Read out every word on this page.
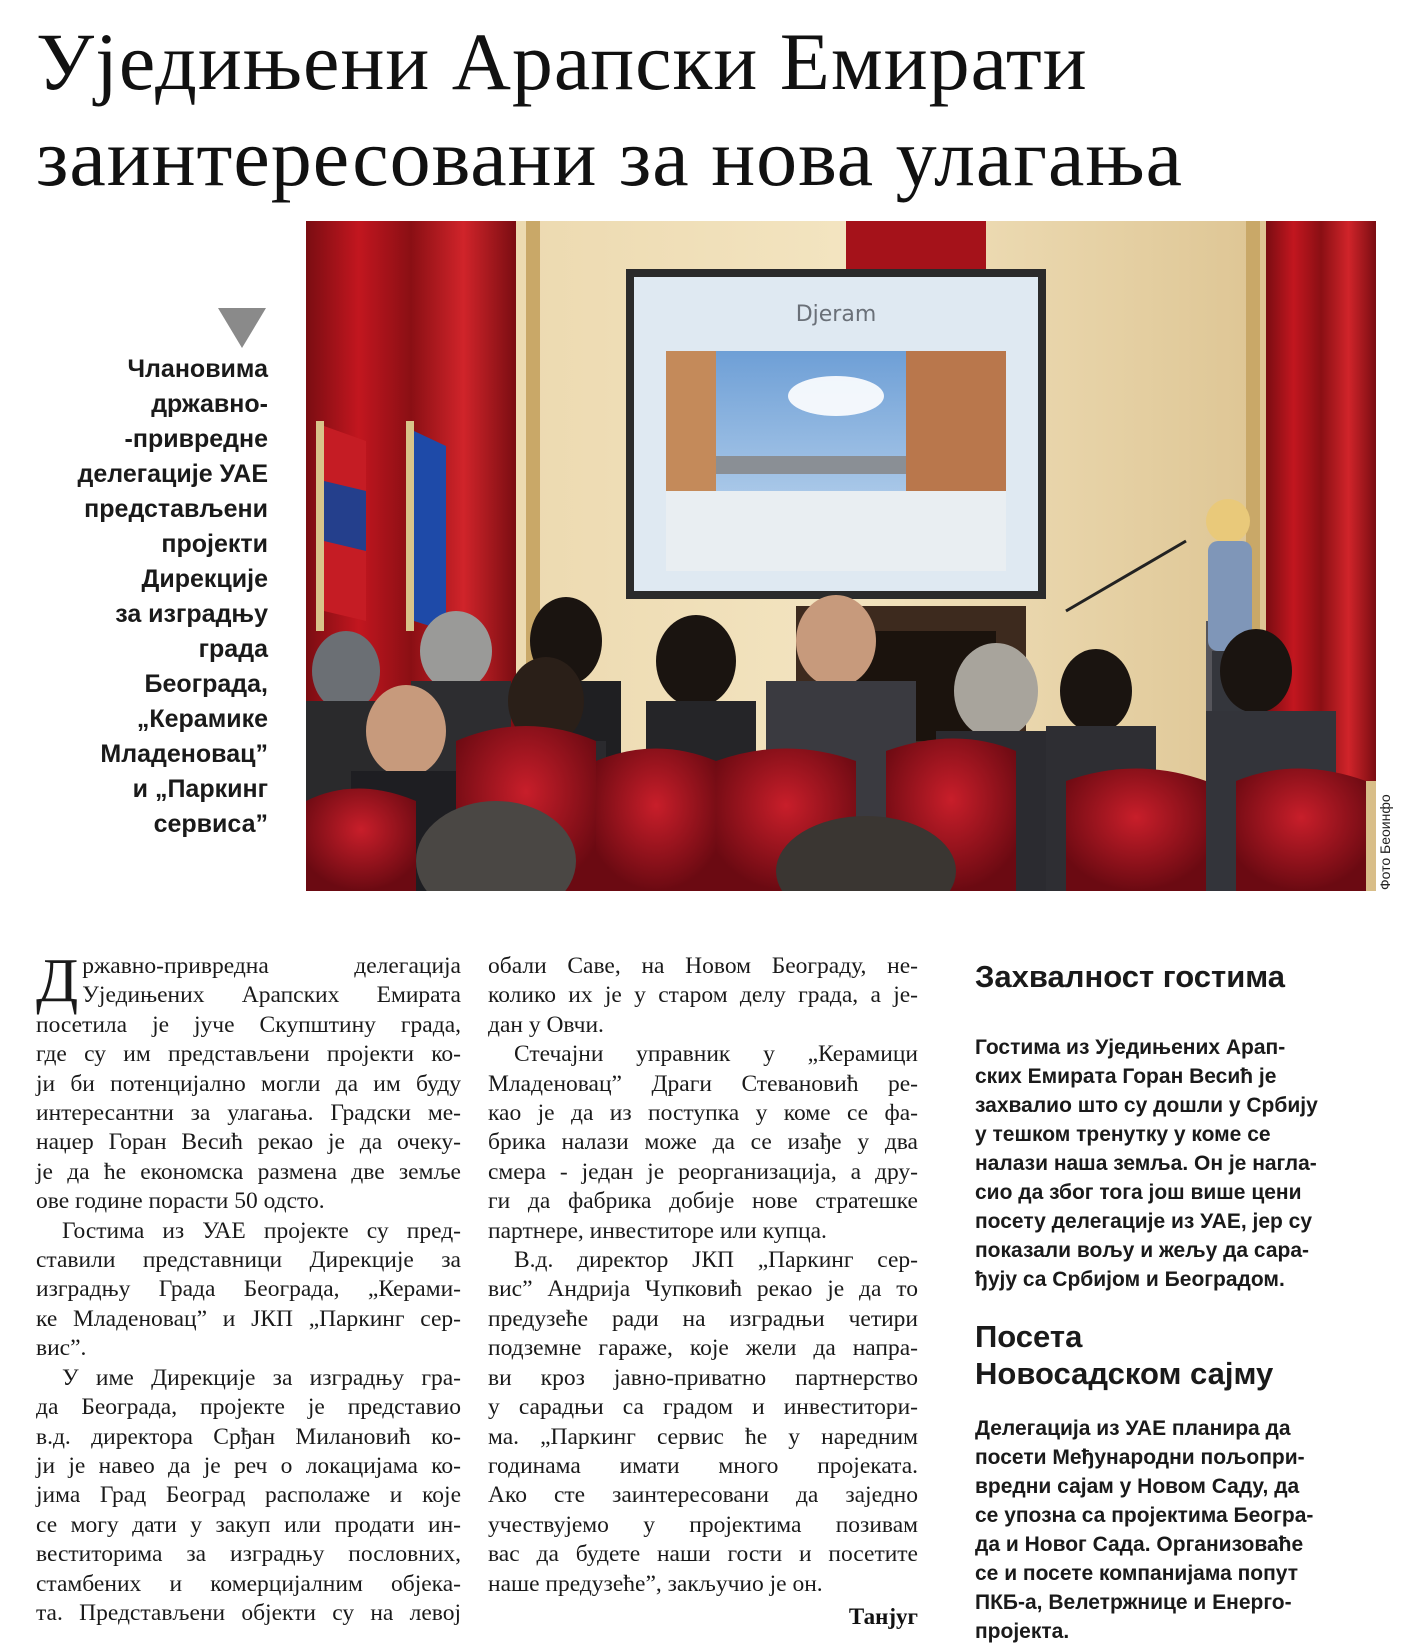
Уједињени Арапски Емирати
заинтересовани за нова улагања
Члановима
државно-
-привредне
делегације УАЕ
представљени
пројекти
Дирекције
за изградњу
града
Београда,
„Керамике
Младеновац”
и „Паркинг
сервиса”
Djeram
Фото Бeоинфо
Д ржавно-привредна делегација
Уједињених Арапских Емирата
посетила је јуче Скупштину града,
где су им представљени пројекти ко-
ји би потенцијално могли да им буду
интересантни за улагања. Градски ме-
наџер Горан Весић рекао је да очеку-
је да ће економска размена две земље
ове године порасти 50 одсто.
Гостима из УАЕ пројекте су пред-
ставили представници Дирекције за
изградњу Града Београда, „Керами-
ке Младеновац” и ЈКП „Паркинг сер-
вис”.
У име Дирекције за изградњу гра-
да Београда, пројекте је представио
в.д. директора Срђан Милановић ко-
ји је навео да је реч о локацијама ко-
јима Град Београд располаже и које
се могу дати у закуп или продати ин-
веститорима за изградњу пословних,
стамбених и комерцијалним објека-
та. Представљени објекти су на левој
обали Саве, на Новом Београду, не-
колико их је у старом делу града, а је-
дан у Овчи.
Стечајни управник у „Керамици
Младеновац” Драги Стевановић ре-
као је да из поступка у коме се фа-
брика налази може да се изађе у два
смера - један је реорганизација, а дру-
ги да фабрика добије нове стратешке
партнере, инвеститоре или купца.
В.д. директор ЈКП „Паркинг сер-
вис” Андрија Чупковић рекао је да то
предузеће ради на изградњи четири
подземне гараже, које жели да напра-
ви кроз јавно-приватно партнерство
у сарадњи са градом и инвеститори-
ма. „Паркинг сервис ће у наредним
годинама имати много пројеката.
Ако сте заинтересовани да заједно
учествујемо у пројектима позивам
вас да будете наши гости и посетите
наше предузеће”, закључио је он.
Танјуг
Захвалност гостима
Гостима из Уједињених Арап-
ских Емирата Горан Весић је
захвалио што су дошли у Србију
у тешком тренутку у коме се
налази наша земља. Он је нагла-
сио да због тога још више цени
посету делегације из УАЕ, јер су
показали вољу и жељу да сара-
ђују са Србијом и Београдом.
Посета
Новосадском сајму
Делегација из УАЕ планира да
посети Међународни пољопри-
вредни сајам у Новом Саду, да
се упозна са пројектима Београ-
да и Новог Сада. Организоваће
се и посете компанијама попут
ПКБ-а, Велетржнице и Енерго-
пројекта.
